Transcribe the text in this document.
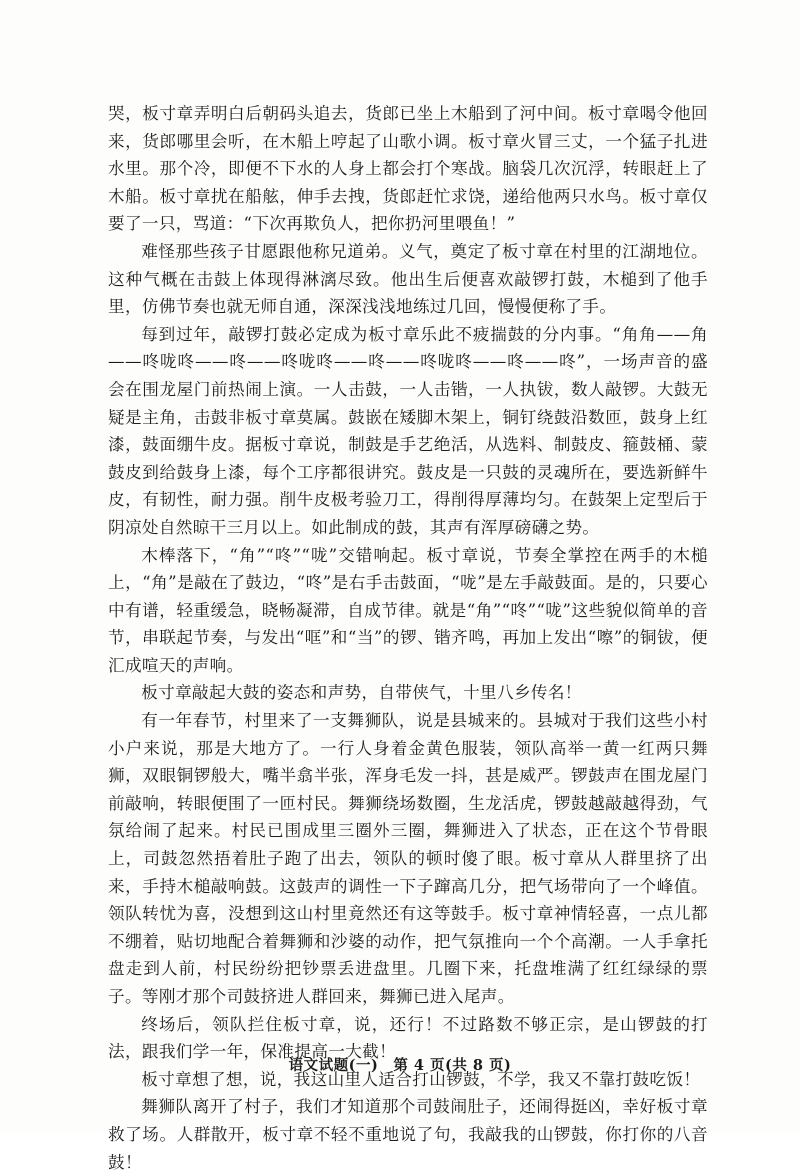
哭，板寸章弄明白后朝码头追去，货郎已坐上木船到了河中间。板寸章喝令他回来，货郎哪里会听，在木船上哼起了山歌小调。板寸章火冒三丈，一个猛子扎进水里。那个冷，即便不下水的人身上都会打个寒战。脑袋几次沉浮，转眼赶上了木船。板寸章扰在船舷，伸手去拽，货郎赶忙求饶，递给他两只水鸟。板寸章仅要了一只，骂道：“下次再欺负人，把你扔河里喂鱼！”

难怪那些孩子甘愿跟他称兄道弟。义气，奠定了板寸章在村里的江湖地位。这种气概在击鼓上体现得淋漓尽致。他出生后便喜欢敲锣打鼓，木槌到了他手里，仿佛节奏也就无师自通，深深浅浅地练过几回，慢慢便称了手。

每到过年，敲锣打鼓必定成为板寸章乐此不疲揣鼓的分内事。“角角——角——咚咙咚——咚——咚咙咚——咚——咚咙咚——咚——咚”，一场声音的盛会在围龙屋门前热闹上演。一人击鼓，一人击锴，一人执钹，数人敲锣。大鼓无疑是主角，击鼓非板寸章莫属。鼓嵌在矮脚木架上，铜钉绕鼓沿数匝，鼓身上红漆，鼓面绷牛皮。据板寸章说，制鼓是手艺绝活，从选料、制鼓皮、箍鼓桶、蒙鼓皮到给鼓身上漆，每个工序都很讲究。鼓皮是一只鼓的灵魂所在，要选新鲜牛皮，有韧性，耐力强。削牛皮极考验刀工，得削得厚薄均匀。在鼓架上定型后于阴凉处自然晾干三月以上。如此制成的鼓，其声有浑厚磅礴之势。

木棒落下，“角”“咚”“咙”交错响起。板寸章说，节奏全掌控在两手的木槌上，“角”是敲在了鼓边，“咚”是右手击鼓面，“咙”是左手敲鼓面。是的，只要心中有谱，轻重缓急，晓畅凝滞，自成节律。就是“角”“咚”“咙”这些貌似简单的音节，串联起节奏，与发出“哐”和“当”的锣、锴齐鸣，再加上发出“嚓”的铜钹，便汇成喧天的声响。

板寸章敲起大鼓的姿态和声势，自带侠气，十里八乡传名！

有一年春节，村里来了一支舞狮队，说是县城来的。县城对于我们这些小村小户来说，那是大地方了。一行人身着金黄色服装，领队高举一黄一红两只舞狮，双眼铜锣般大，嘴半翕半张，浑身毛发一抖，甚是威严。锣鼓声在围龙屋门前敲响，转眼便围了一匝村民。舞狮绕场数圈，生龙活虎，锣鼓越敲越得劲，气氛给闹了起来。村民已围成里三圈外三圈，舞狮进入了状态，正在这个节骨眼上，司鼓忽然捂着肚子跑了出去，领队的顿时傻了眼。板寸章从人群里挤了出来，手持木槌敲响鼓。这鼓声的调性一下子蹿高几分，把气场带向了一个峰值。领队转忧为喜，没想到这山村里竟然还有这等鼓手。板寸章神情轻喜，一点儿都不绷着，贴切地配合着舞狮和沙婆的动作，把气氛推向一个个高潮。一人手拿托盘走到人前，村民纷纷把钞票丢进盘里。几圈下来，托盘堆满了红红绿绿的票子。等刚才那个司鼓挤进人群回来，舞狮已进入尾声。

终场后，领队拦住板寸章，说，还行！不过路数不够正宗，是山锣鼓的打法，跟我们学一年，保准提高一大截！

板寸章想了想，说，我这山里人适合打山锣鼓，不学，我又不靠打鼓吃饭！

舞狮队离开了村子，我们才知道那个司鼓闹肚子，还闹得挺凶，幸好板寸章救了场。人群散开，板寸章不轻不重地说了句，我敲我的山锣鼓，你打你的八音鼓！

语文试题(一)　第 4 页(共 8 页)
